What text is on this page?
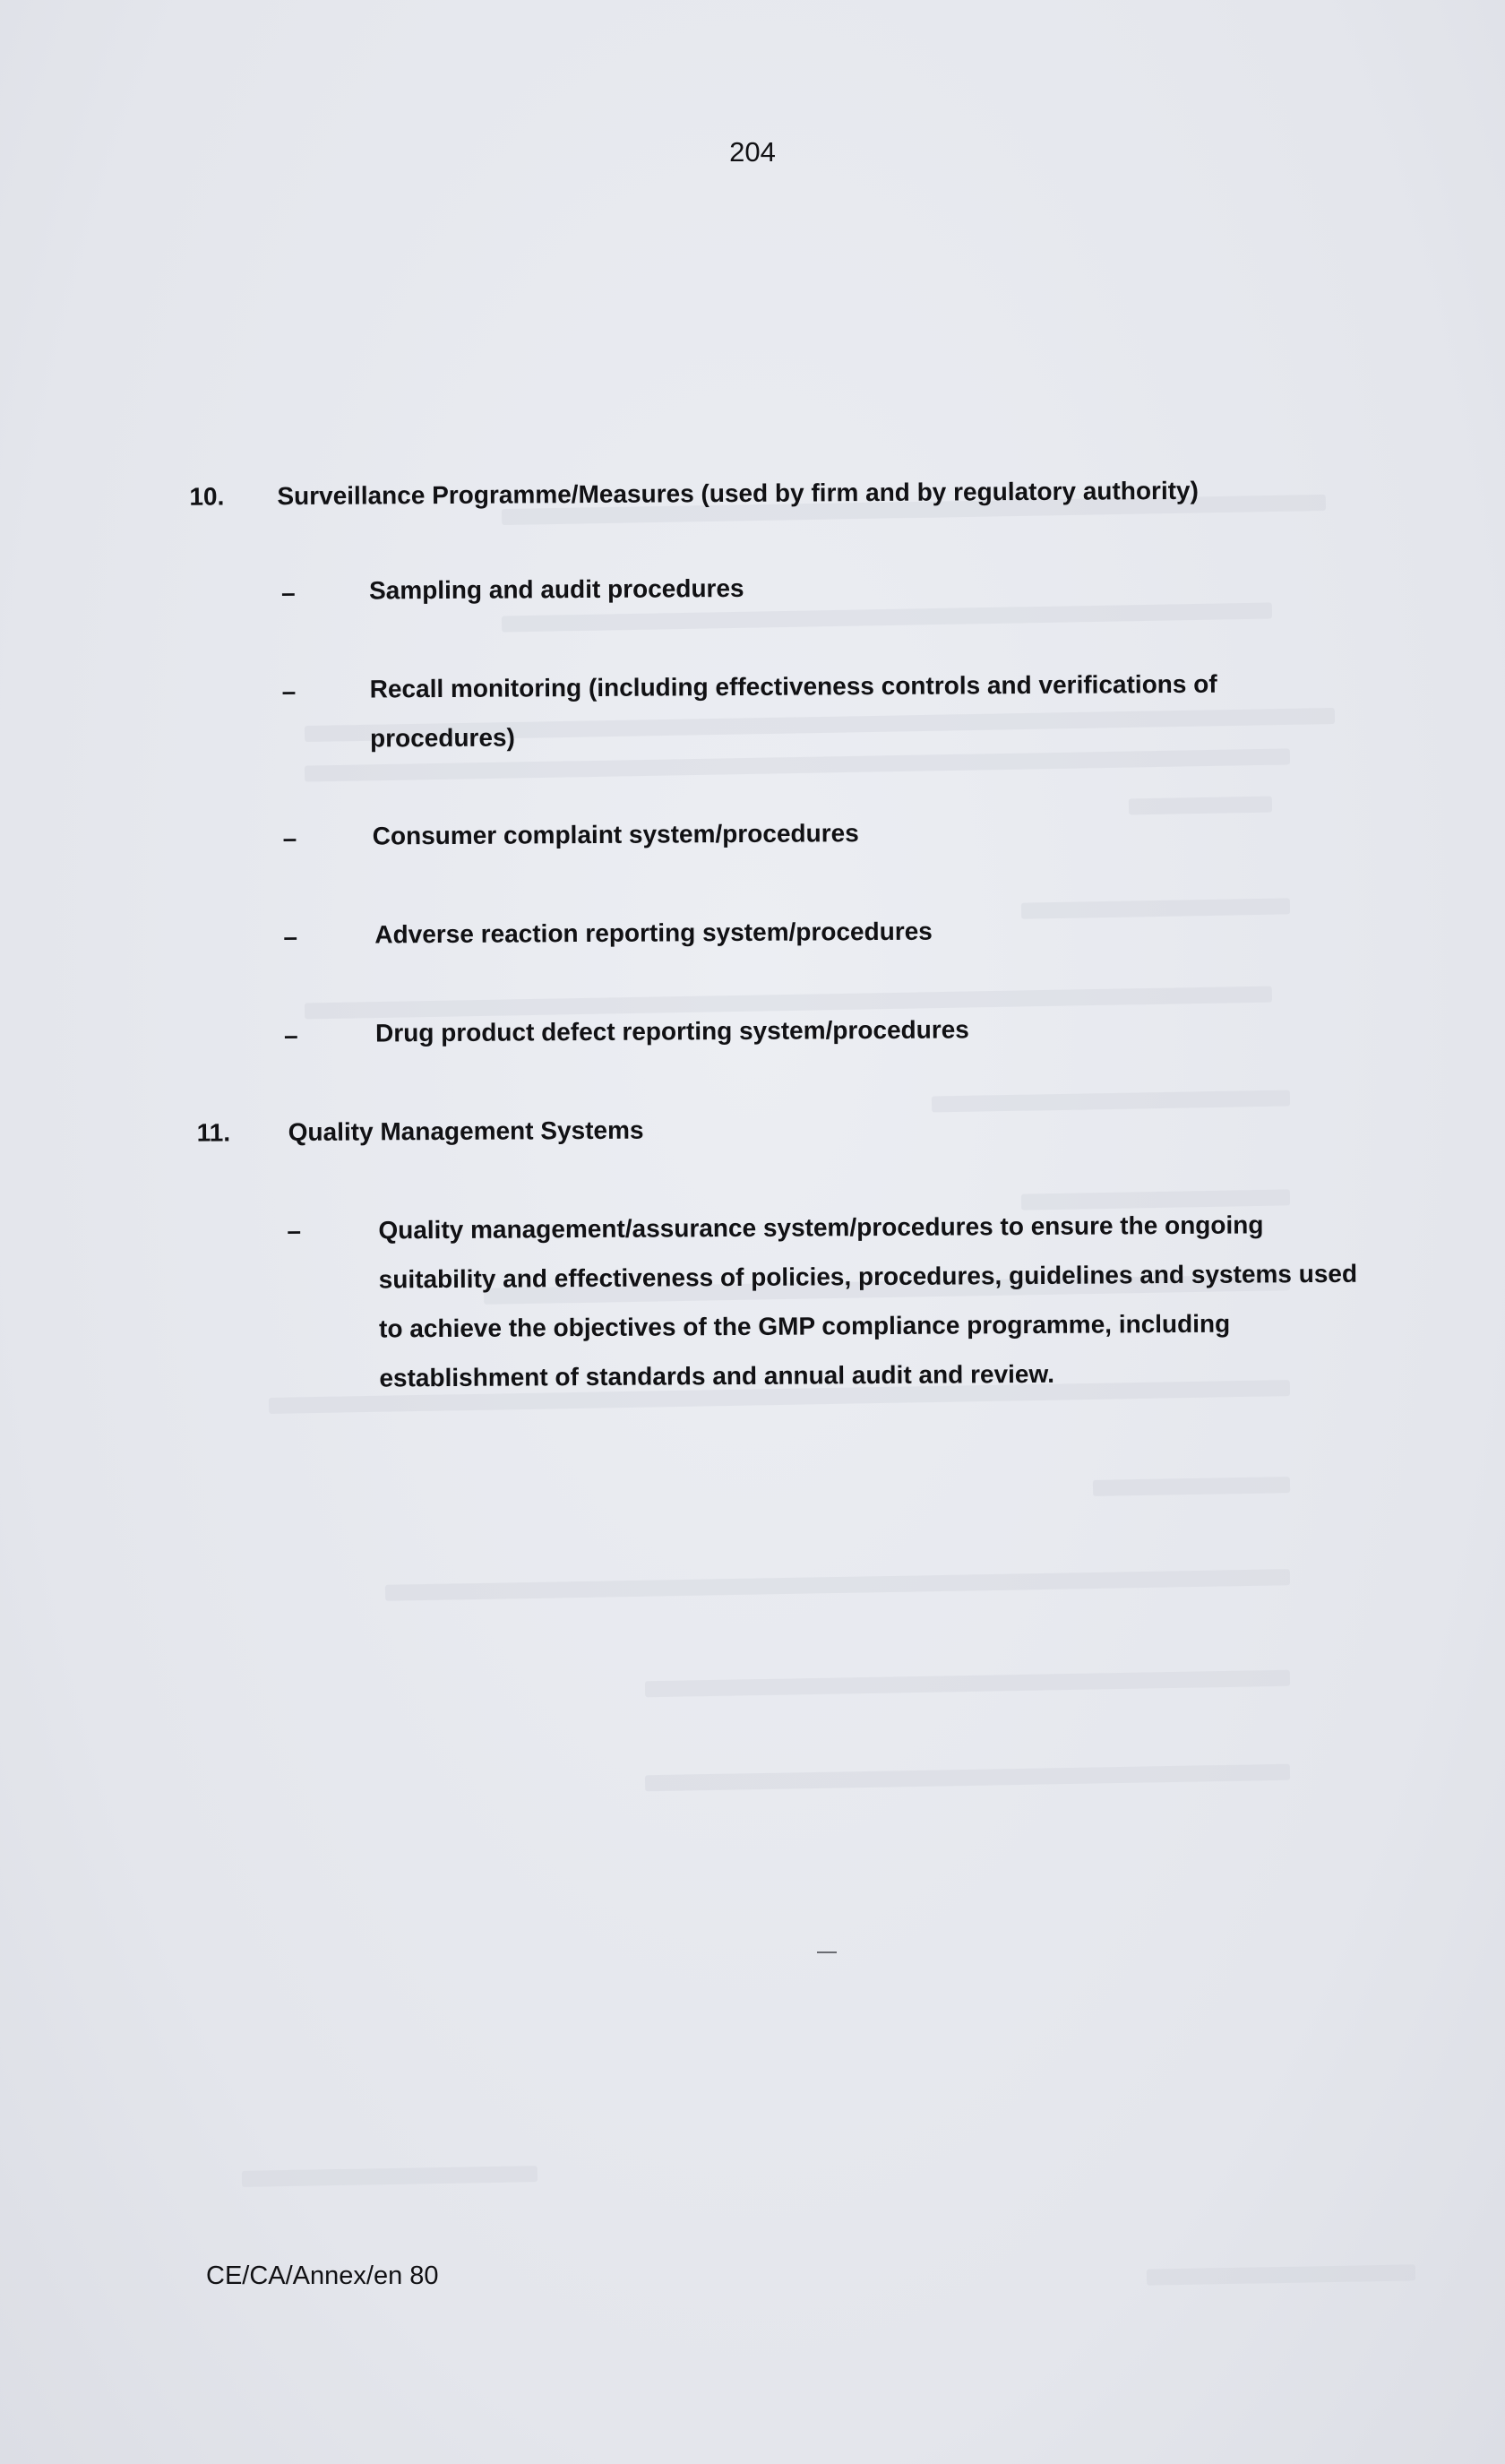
204
10. Surveillance Programme/Measures (used by firm and by regulatory authority)
–	Sampling and audit procedures
–	Recall monitoring (including effectiveness controls and verifications of procedures)
–	Consumer complaint system/procedures
–	Adverse reaction reporting system/procedures
–	Drug product defect reporting system/procedures
11. Quality Management Systems
–	Quality management/assurance system/procedures to ensure the ongoing suitability and effectiveness of policies, procedures, guidelines and systems used to achieve the objectives of the GMP compliance programme, including establishment of standards and annual audit and review.
CE/CA/Annex/en 80
